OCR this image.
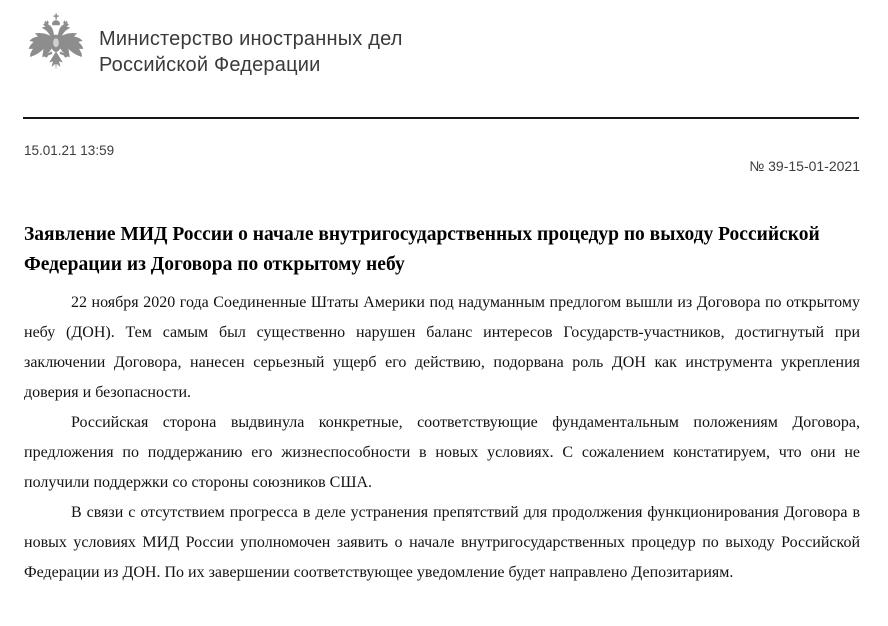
Министерство иностранных дел
Российской Федерации
15.01.21 13:59
№ 39-15-01-2021
Заявление МИД России о начале внутригосударственных процедур по выходу Российской Федерации из Договора по открытому небу

22 ноября 2020 года Соединенные Штаты Америки под надуманным предлогом вышли из Договора по открытому небу (ДОН). Тем самым был существенно нарушен баланс интересов Государств-участников, достигнутый при заключении Договора, нанесен серьезный ущерб его действию, подорвана роль ДОН как инструмента укрепления доверия и безопасности.

Российская сторона выдвинула конкретные, соответствующие фундаментальным положениям Договора, предложения по поддержанию его жизнеспособности в новых условиях. С сожалением констатируем, что они не получили поддержки со стороны союзников США.

В связи с отсутствием прогресса в деле устранения препятствий для продолжения функционирования Договора в новых условиях МИД России уполномочен заявить о начале внутригосударственных процедур по выходу Российской Федерации из ДОН. По их завершении соответствующее уведомление будет направлено Депозитариям.
